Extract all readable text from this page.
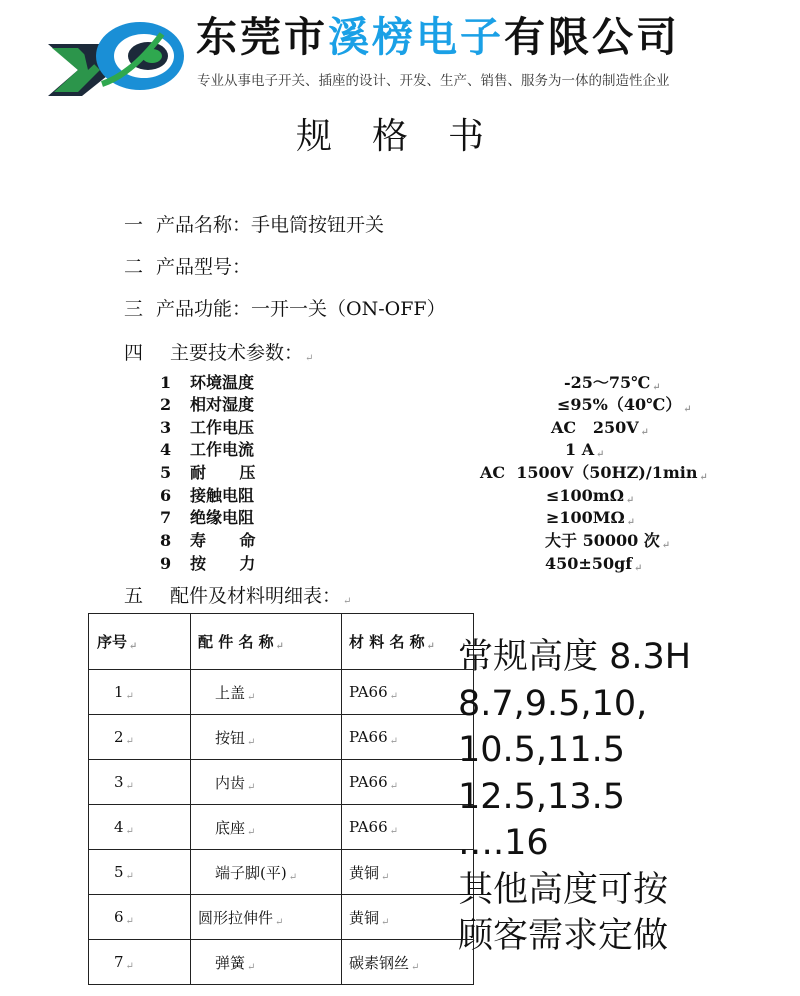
东莞市溪榜电子有限公司
专业从事电子开关、插座的设计、开发、生产、销售、服务为一体的制造性企业
规格书
一 产品名称：手电筒按钮开关
二 产品型号：
三 产品功能：一开一关（ON-OFF）
四 主要技术参数： ↵
1 环境温度	-25～75℃ ↵
2 相对湿度	≤95%（40℃） ↵
3 工作电压	AC   250V ↵
4 工作电流	1 A ↵
5 耐      压	AC  1500V（50HZ)/1min ↵
6 接触电阻	≤100mΩ ↵
7 绝缘电阻	≥100MΩ ↵
8 寿      命	大于 50000 次 ↵
9 按      力	450±50gf ↵
五 配件及材料明细表： ↵
序号 ↵	配 件 名 称 ↵	材 料 名 称 ↵
1 ↵	上盖 ↵	PA66 ↵
2 ↵	按钮 ↵	PA66 ↵
3 ↵	内齿 ↵	PA66 ↵
4 ↵	底座 ↵	PA66 ↵
5 ↵	端子脚(平) ↵	黄铜 ↵
6 ↵	圆形拉伸件 ↵	黄铜 ↵
7 ↵	弹簧 ↵	碳素钢丝 ↵
常规高度 8.3H
8.7,9.5,10,
10.5,11.5
12.5,13.5
….16
其他高度可按
顾客需求定做
